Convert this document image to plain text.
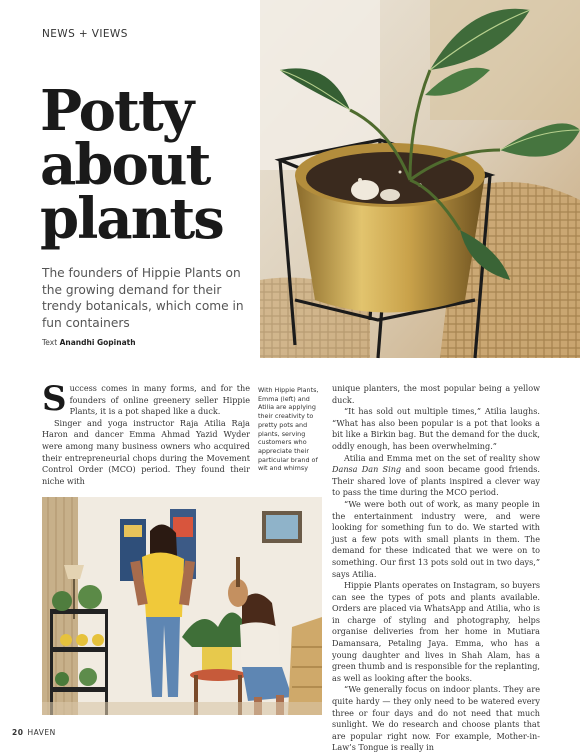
NEWS + VIEWS
Potty
about
plants

The founders of Hippie Plants on the growing demand for their trendy botanicals, which come in fun containers

Text Anandhi Gopinath

Success comes in many forms, and for the founders of online greenery seller Hippie Plants, it is a pot shaped like a duck.

Singer and yoga instructor Raja Atilia Raja Haron and dancer Emma Ahmad Yazid Wyder were among many business owners who acquired their entrepreneurial chops during the Movement Control Order (MCO) period. They found their niche with

With Hippie Plants, Emma (left) and Atilia are applying their creativity to pretty pots and plants, serving customers who appreciate their particular brand of wit and whimsy

unique planters, the most popular being a yellow duck.

“It has sold out multiple times,” Atilia laughs. “What has also been popular is a pot that looks a bit like a Birkin bag. But the demand for the duck, oddly enough, has been overwhelming.”

Atilia and Emma met on the set of reality show Dansa Dan Sing and soon became good friends. Their shared love of plants inspired a clever way to pass the time during the MCO period.

“We were both out of work, as many people in the entertainment industry were, and were looking for something fun to do. We started with just a few pots with small plants in them. The demand for these indicated that we were on to something. Our first 13 pots sold out in two days,” says Atilia.

Hippie Plants operates on Instagram, so buyers can see the types of pots and plants available. Orders are placed via WhatsApp and Atilia, who is in charge of styling and photography, helps organise deliveries from her home in Mutiara Damansara, Petaling Jaya. Emma, who has a young daughter and lives in Shah Alam, has a green thumb and is responsible for the replanting, as well as looking after the books.

“We generally focus on indoor plants. They are quite hardy — they only need to be watered every three or four days and do not need that much sunlight. We do research and choose plants that are popular right now. For example, Mother-in-Law’s Tongue is really in

20 HAVEN
